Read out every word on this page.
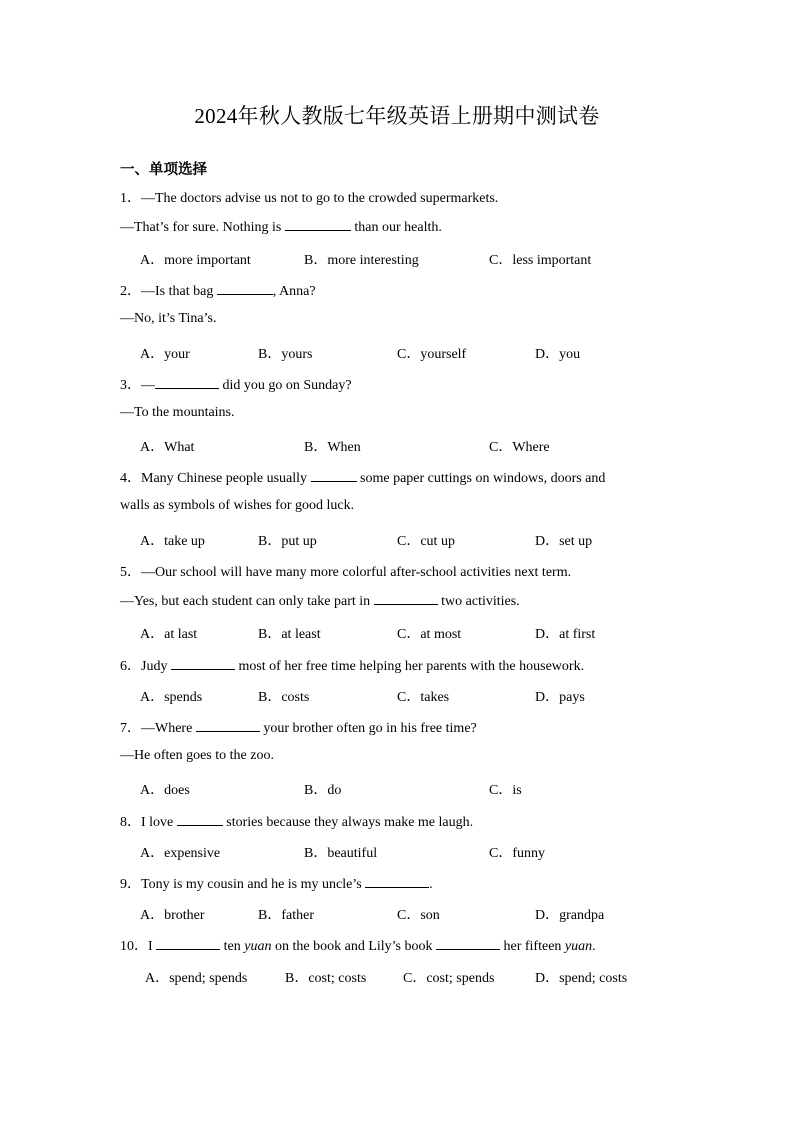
2024年秋人教版七年级英语上册期中测试卷
一、单项选择
1．—The doctors advise us not to go to the crowded supermarkets.
—That’s for sure. Nothing is	than our health.
A．more important	B．more interesting	C．less important
2．—Is that bag	, Anna?
—No, it’s Tina’s.
A．your	B．yours	C．yourself	D．you
3．—	did you go on Sunday?
—To the mountains.
A．What	B．When	C．Where
4．Many Chinese people usually	some paper cuttings on windows, doors and
walls as symbols of wishes for good luck.
A．take up	B．put up	C．cut up	D．set up
5．—Our school will have many more colorful after-school activities next term.
—Yes, but each student can only take part in	two activities.
A．at last	B．at least	C．at most	D．at first
6．Judy	most of her free time helping her parents with the housework.
A．spends	B．costs	C．takes	D．pays
7．—Where	your brother often go in his free time?
—He often goes to the zoo.
A．does	B．do	C．is
8．I love	stories because they always make me laugh.
A．expensive	B．beautiful	C．funny
9．Tony is my cousin and he is my uncle’s	.
A．brother	B．father	C．son	D．grandpa
10．I	ten yuan on the book and Lily’s book	her fifteen yuan.
A．spend; spends	B．cost; costs	C．cost; spends	D．spend; costs
